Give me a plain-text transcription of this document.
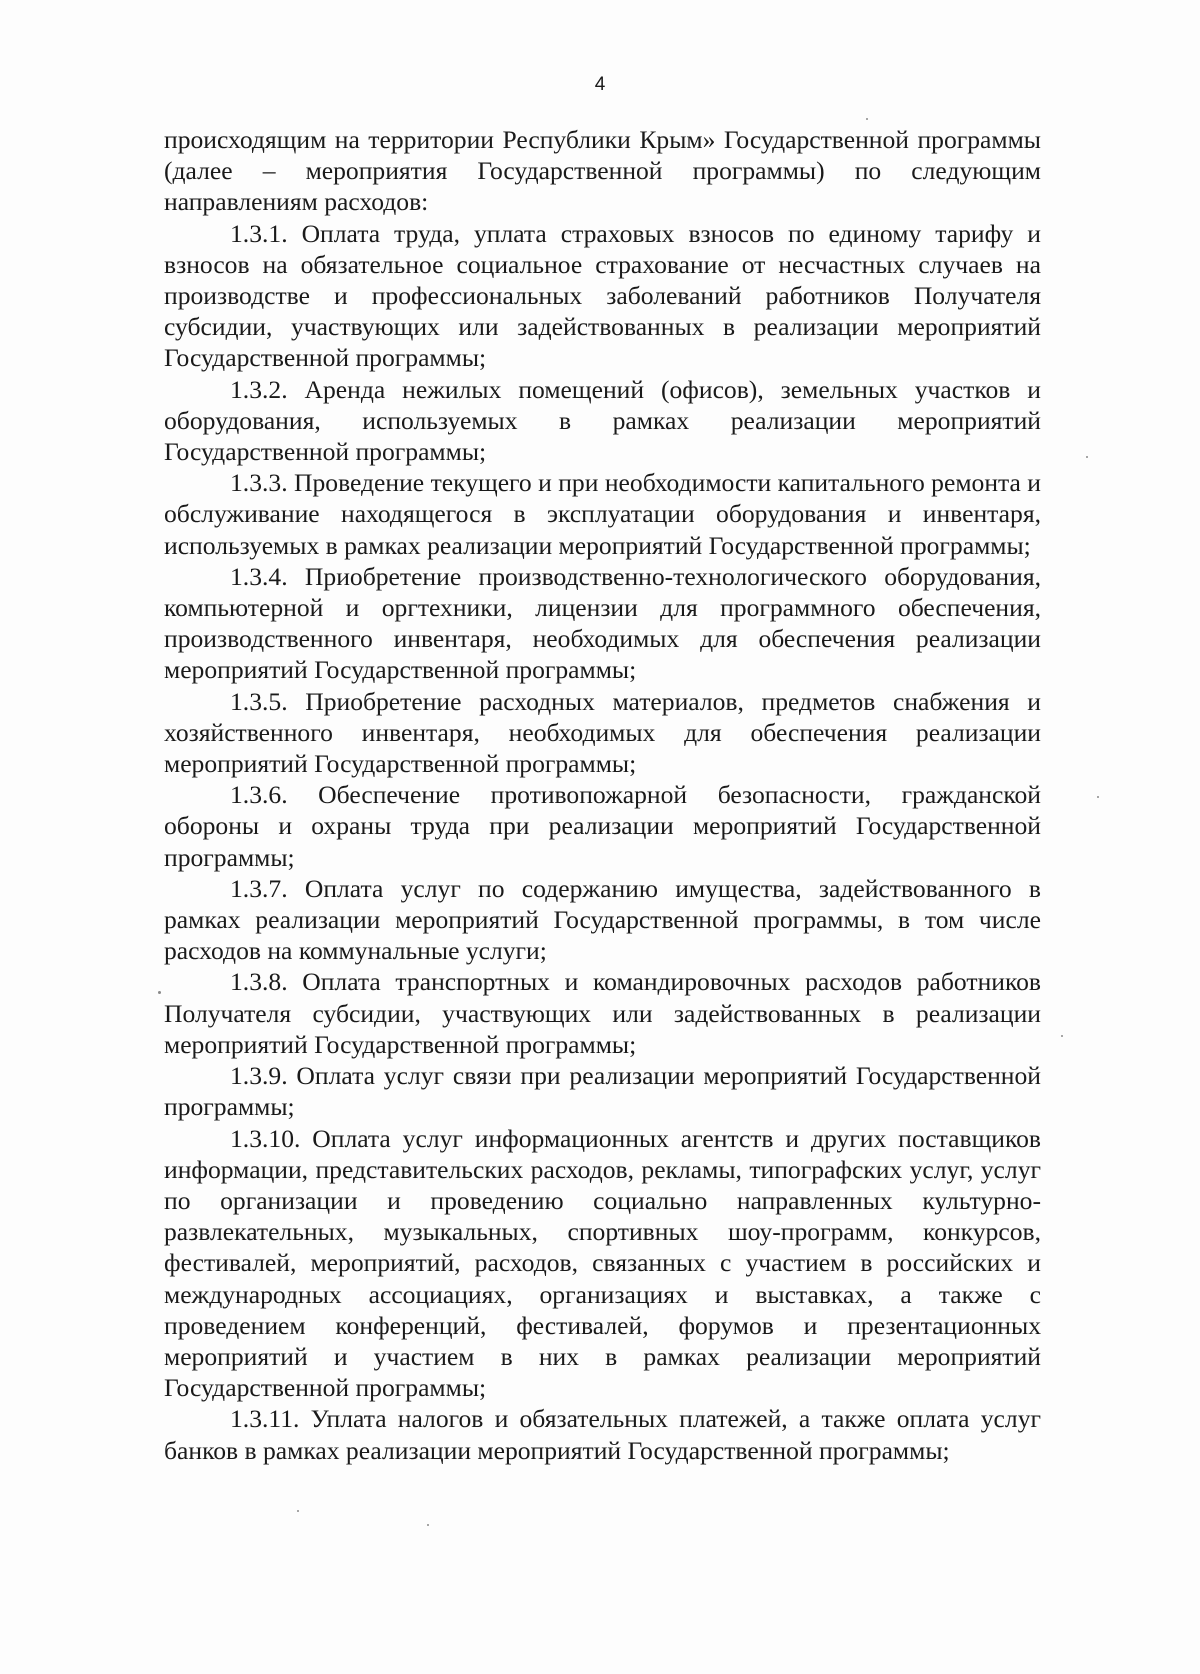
4

происходящим на территории Республики Крым» Государственной программы (далее – мероприятия Государственной программы) по следующим направлениям расходов:

1.3.1. Оплата труда, уплата страховых взносов по единому тарифу и взносов на обязательное социальное страхование от несчастных случаев на производстве и профессиональных заболеваний работников Получателя субсидии, участвующих или задействованных в реализации мероприятий Государственной программы;

1.3.2. Аренда нежилых помещений (офисов), земельных участков и оборудования, используемых в рамках реализации мероприятий Государственной программы;

1.3.3. Проведение текущего и при необходимости капитального ремонта и обслуживание находящегося в эксплуатации оборудования и инвентаря, используемых в рамках реализации мероприятий Государственной программы;

1.3.4. Приобретение производственно-технологического оборудования, компьютерной и оргтехники, лицензии для программного обеспечения, производственного инвентаря, необходимых для обеспечения реализации мероприятий Государственной программы;

1.3.5. Приобретение расходных материалов, предметов снабжения и хозяйственного инвентаря, необходимых для обеспечения реализации мероприятий Государственной программы;

1.3.6. Обеспечение противопожарной безопасности, гражданской обороны и охраны труда при реализации мероприятий Государственной программы;

1.3.7. Оплата услуг по содержанию имущества, задействованного в рамках реализации мероприятий Государственной программы, в том числе расходов на коммунальные услуги;

1.3.8. Оплата транспортных и командировочных расходов работников Получателя субсидии, участвующих или задействованных в реализации мероприятий Государственной программы;

1.3.9. Оплата услуг связи при реализации мероприятий Государственной программы;

1.3.10. Оплата услуг информационных агентств и других поставщиков информации, представительских расходов, рекламы, типографских услуг, услуг по организации и проведению социально направленных культурно-развлекательных, музыкальных, спортивных шоу-программ, конкурсов, фестивалей, мероприятий, расходов, связанных с участием в российских и международных ассоциациях, организациях и выставках, а также с проведением конференций, фестивалей, форумов и презентационных мероприятий и участием в них в рамках реализации мероприятий Государственной программы;

1.3.11. Уплата налогов и обязательных платежей, а также оплата услуг банков в рамках реализации мероприятий Государственной программы;
